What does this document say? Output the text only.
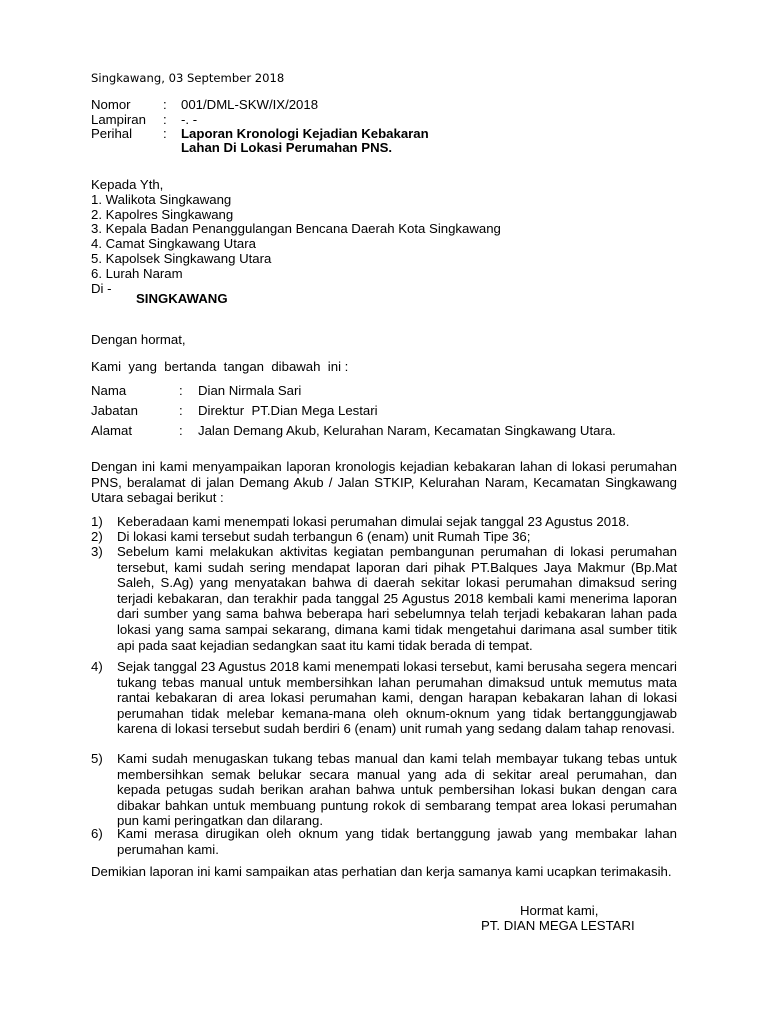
Singkawang, 03 September 2018
Nomor : 001/DML-SKW/IX/2018
Lampiran : -. -
Perihal : Laporan Kronologi Kejadian Kebakaran
Lahan Di Lokasi Perumahan PNS.
Kepada Yth,
1. Walikota Singkawang
2. Kapolres Singkawang
3. Kepala Badan Penanggulangan Bencana Daerah Kota Singkawang
4. Camat Singkawang Utara
5. Kapolsek Singkawang Utara
6. Lurah Naram
Di -
SINGKAWANG
Dengan hormat,
Kami  yang  bertanda  tangan  dibawah  ini :
Nama	: Dian Nirmala Sari
Jabatan	: Direktur  PT.Dian Mega Lestari
Alamat	: Jalan Demang Akub, Kelurahan Naram, Kecamatan Singkawang Utara.
Dengan ini kami menyampaikan laporan kronologis kejadian kebakaran lahan di lokasi perumahan PNS, beralamat di jalan Demang Akub / Jalan STKIP, Kelurahan Naram, Kecamatan Singkawang Utara sebagai berikut :
1) Keberadaan kami menempati lokasi perumahan dimulai sejak tanggal 23 Agustus 2018.
2) Di lokasi kami tersebut sudah terbangun 6 (enam) unit Rumah Tipe 36;
3) Sebelum kami melakukan aktivitas kegiatan pembangunan perumahan di lokasi perumahan tersebut, kami sudah sering mendapat laporan dari pihak PT.Balques Jaya Makmur (Bp.Mat Saleh, S.Ag) yang menyatakan bahwa di daerah sekitar lokasi perumahan dimaksud sering terjadi kebakaran, dan terakhir pada tanggal 25 Agustus 2018 kembali kami menerima laporan dari sumber yang sama bahwa beberapa hari sebelumnya telah terjadi kebakaran lahan pada lokasi yang sama sampai sekarang, dimana kami tidak mengetahui darimana asal sumber titik api pada saat kejadian sedangkan saat itu kami tidak berada di tempat.
4) Sejak tanggal 23 Agustus 2018 kami menempati lokasi tersebut, kami berusaha segera mencari tukang tebas manual untuk membersihkan lahan perumahan dimaksud untuk memutus mata rantai kebakaran di area lokasi perumahan kami, dengan harapan kebakaran lahan di lokasi perumahan tidak melebar kemana-mana oleh oknum-oknum yang tidak bertanggungjawab karena di lokasi tersebut sudah berdiri 6 (enam) unit rumah yang sedang dalam tahap renovasi.
5) Kami sudah menugaskan tukang tebas manual dan kami telah membayar tukang tebas untuk membersihkan semak belukar secara manual yang ada di sekitar areal perumahan, dan kepada petugas sudah berikan arahan bahwa untuk pembersihan lokasi bukan dengan cara dibakar bahkan untuk membuang puntung rokok di sembarang tempat area lokasi perumahan pun kami peringatkan dan dilarang.
6) Kami merasa dirugikan oleh oknum yang tidak bertanggung jawab yang membakar lahan perumahan kami.
Demikian laporan ini kami sampaikan atas perhatian dan kerja samanya kami ucapkan terimakasih.
Hormat kami,
PT. DIAN MEGA LESTARI
